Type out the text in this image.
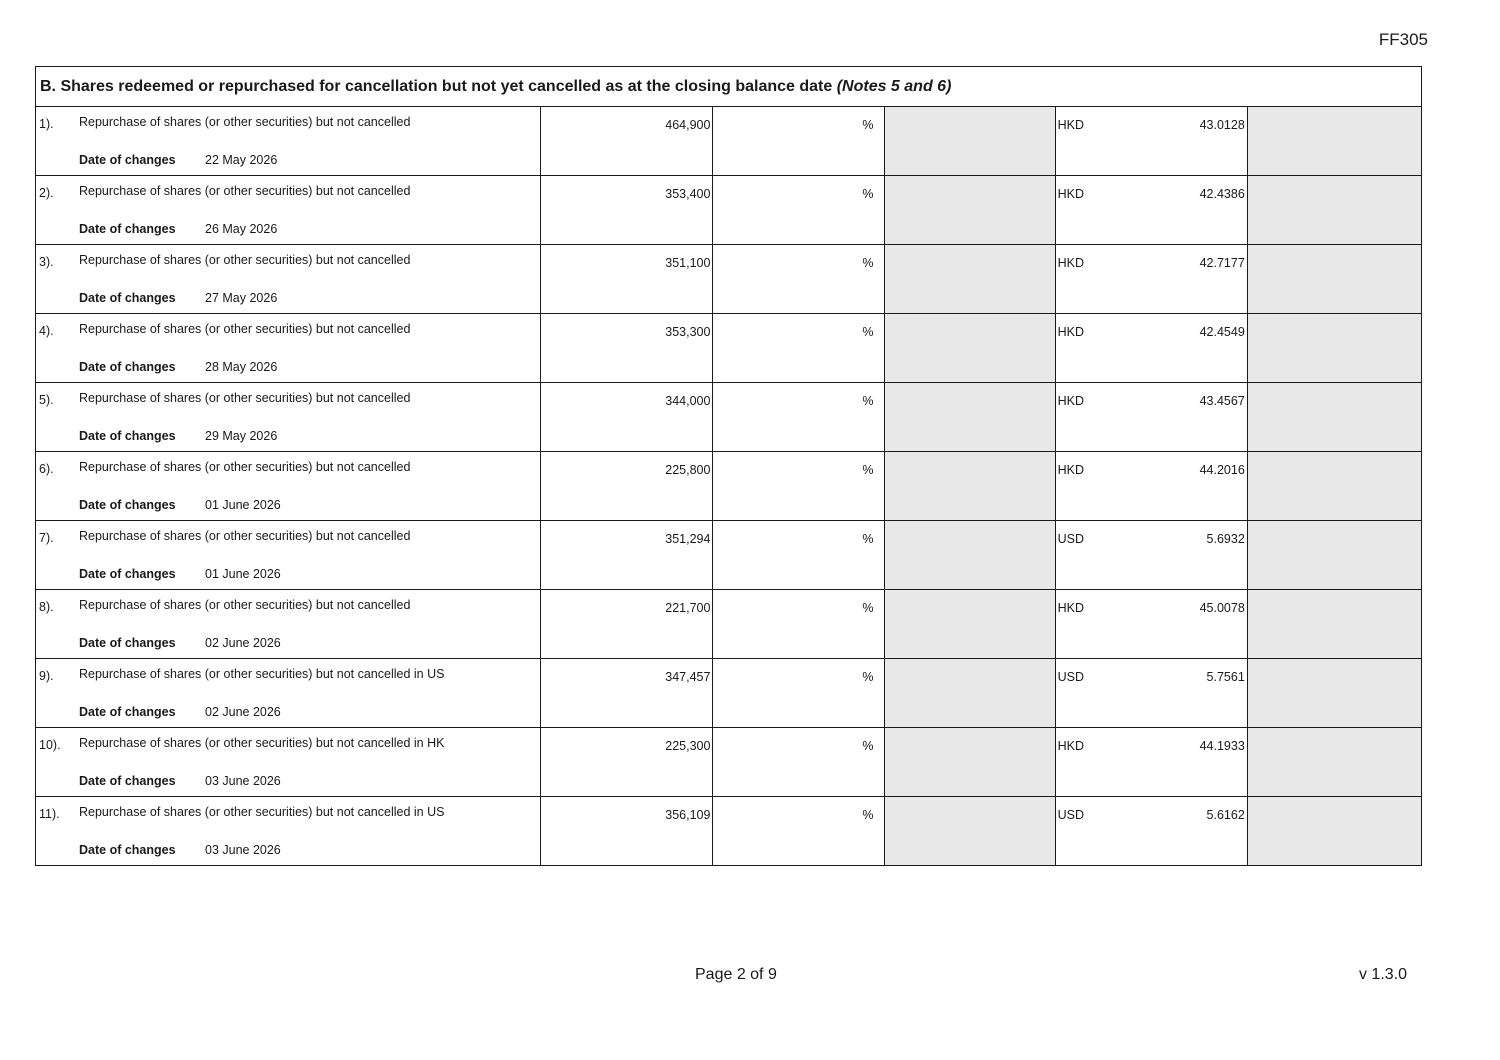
FF305
B. Shares redeemed or repurchased for cancellation but not yet cancelled as at the closing balance date (Notes 5 and 6)					

1). Repurchase of shares (or other securities) but not cancelled
Date of changes 22 May 2026	464,900	%		HKD 43.0128	

2). Repurchase of shares (or other securities) but not cancelled
Date of changes 26 May 2026	353,400	%		HKD 42.4386	

3). Repurchase of shares (or other securities) but not cancelled
Date of changes 27 May 2026	351,100	%		HKD 42.7177	

4). Repurchase of shares (or other securities) but not cancelled
Date of changes 28 May 2026	353,300	%		HKD 42.4549	

5). Repurchase of shares (or other securities) but not cancelled
Date of changes 29 May 2026	344,000	%		HKD 43.4567	

6). Repurchase of shares (or other securities) but not cancelled
Date of changes 01 June 2026	225,800	%		HKD 44.2016	

7). Repurchase of shares (or other securities) but not cancelled
Date of changes 01 June 2026	351,294	%		USD 5.6932	

8). Repurchase of shares (or other securities) but not cancelled
Date of changes 02 June 2026	221,700	%		HKD 45.0078	

9). Repurchase of shares (or other securities) but not cancelled in US
Date of changes 02 June 2026	347,457	%		USD 5.7561	

10). Repurchase of shares (or other securities) but not cancelled in HK
Date of changes 03 June 2026	225,300	%		HKD 44.1933	

11). Repurchase of shares (or other securities) but not cancelled in US
Date of changes 03 June 2026	356,109	%		USD 5.6162	

Page 2 of 9	v 1.3.0
